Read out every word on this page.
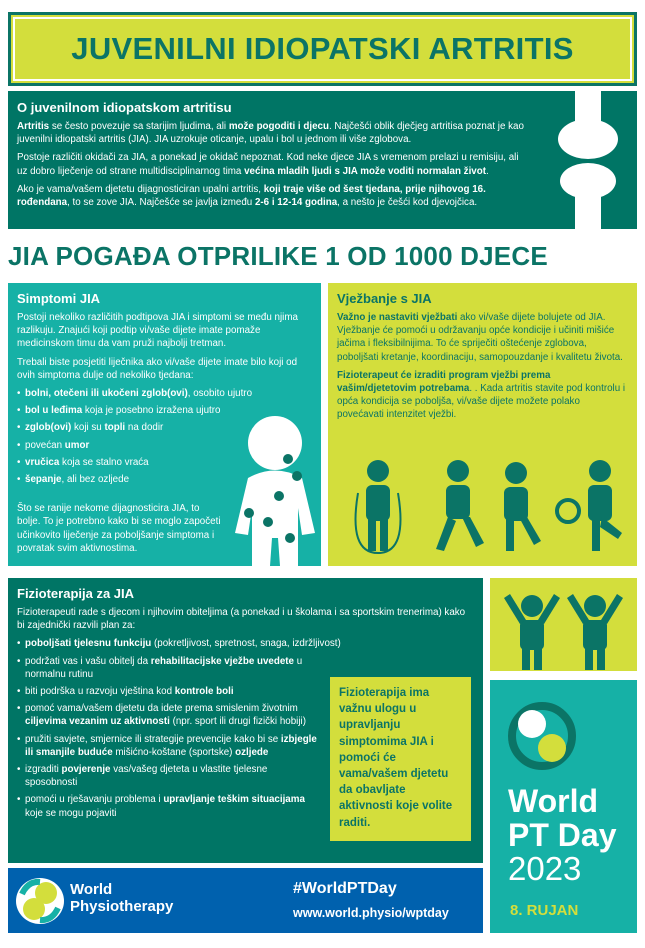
JUVENILNI IDIOPATSKI ARTRITIS
O juvenilnom idiopatskom artritisu

Artritis se često povezuje sa starijim ljudima, ali može pogoditi i djecu. Najčešći oblik dječjeg artritisa poznat je kao juvenilni idiopatski artritis (JIA). JIA uzrokuje oticanje, upalu i bol u jednom ili više zglobova.

Postoje različiti okidači za JIA, a ponekad je okidač nepoznat. Kod neke djece JIA s vremenom prelazi u remisiju, ali uz dobro liječenje od strane multidisciplinarnog tima većina mladih ljudi s JIA može voditi normalan život.

Ako je vama/vašem djetetu dijagnosticiran upalni artritis, koji traje više od šest tjedana, prije njihovog 16. rođendana, to se zove JIA. Najčešće se javlja između 2-6 i 12-14 godina, a nešto je češći kod djevojčica.

JIA POGAĐA OTPRILIKE 1 OD 1000 DJECE
Simptomi JIA

Postoji nekoliko različitih podtipova JIA i simptomi se među njima razlikuju. Znajući koji podtip vi/vaše dijete imate pomaže medicinskom timu da vam pruži najbolji tretman.

Trebali biste posjetiti liječnika ako vi/vaše dijete imate bilo koji od ovih simptoma dulje od nekoliko tjedana:

• bolni, otečeni ili ukočeni zglob(ovi), osobito ujutro
• bol u leđima koja je posebno izražena ujutro
• zglob(ovi) koji su topli na dodir
• povećan umor
• vručica koja se stalno vraća
• šepanje, ali bez ozljede

Što se ranije nekome dijagnosticira JIA, to bolje. To je potrebno kako bi se moglo započeti učinkovito liječenje za poboljšanje simptoma i povratak svim aktivnostima.

Vježbanje s JIA

Važno je nastaviti vježbati ako vi/vaše dijete bolujete od JIA. Vježbanje će pomoći u održavanju opće kondicije i učiniti mišiće jačima i fleksibilnijima. To će spriječiti oštećenje zglobova, poboljšati kretanje, koordinaciju, samopouzdanje i kvalitetu života.

Fizioterapeut će izraditi program vježbi prema vašim/djetetovim potrebama. . Kada artritis stavite pod kontrolu i opća kondicija se poboljša, vi/vaše dijete možete polako povećavati intenzitet vježbi.

Fizioterapija za JIA

Fizioterapeuti rade s djecom i njihovim obiteljima (a ponekad i u školama i sa sportskim trenerima) kako bi zajednički razvili plan za:

• poboljšati tjelesnu funkciju (pokretljivost, spretnost, snaga, izdržljivost)
• podržati vas i vašu obitelj da rehabilitacijske vježbe uvedete u normalnu rutinu
• biti podrška u razvoju vještina kod kontrole boli
• pomoć vama/vašem djetetu da idete prema smislenim životnim ciljevima vezanim uz aktivnosti (npr. sport ili drugi fizički hobiji)
• pružiti savjete, smjernice ili strategije prevencije kako bi se izbjegle ili smanjile buduće mišićno-koštane (sportske) ozljede
• izgraditi povjerenje vas/vašeg djeteta u vlastite tjelesne sposobnosti
• pomoći u rješavanju problema i upravljanje teškim situacijama koje se mogu pojaviti
Fizioterapija ima važnu ulogu u upravljanju simptomima JIA i pomoći će vama/vašem djetetu da obavljate aktivnosti koje volite raditi.
World
PT Day
2023
8. RUJAN
World
Physiotherapy
#WorldPTDay
www.world.physio/wptday
